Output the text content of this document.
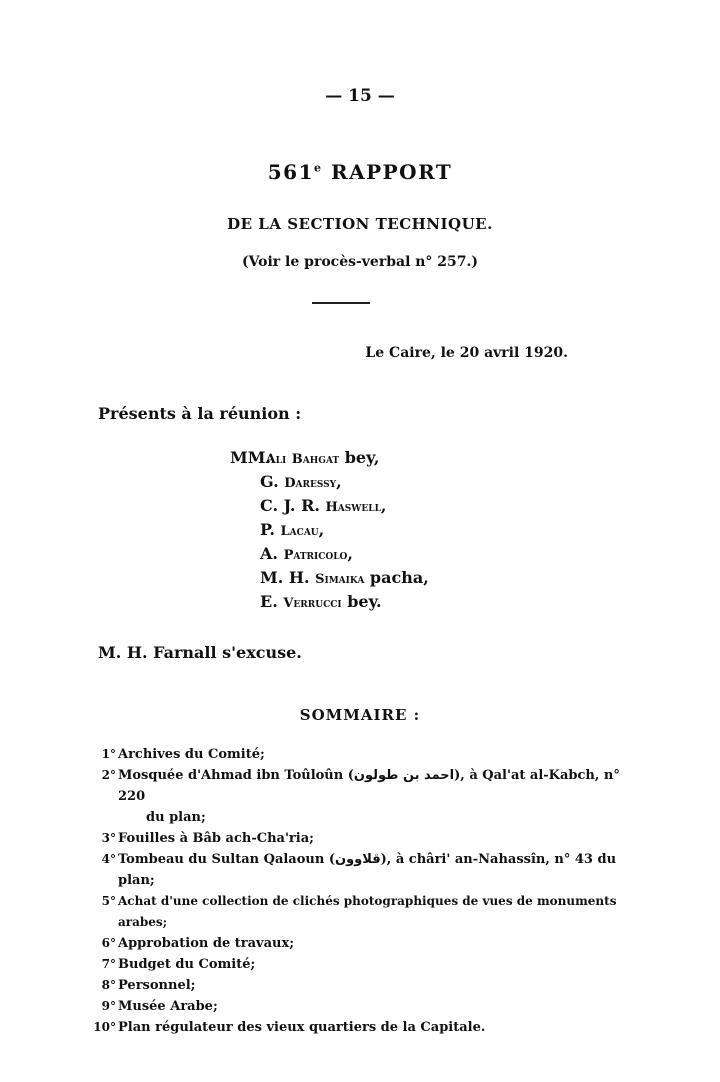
— 15 —
561e RAPPORT
DE LA SECTION TECHNIQUE.
(Voir le procès-verbal n° 257.)
Le Caire, le 20 avril 1920.
Présents à la réunion :
MM. Ali Bahgat bey,
G. Daressy,
C. J. R. Haswell,
P. Lacau,
A. Patricolo,
M. H. Simaika pacha,
E. Verrucci bey.
M. H. Farnall s'excuse.
SOMMAIRE :
1° Archives du Comité;
2° Mosquée d'Ahmad ibn Toûloûn (احمد بن طولون), à Qal'at al-Kabch, n° 220
du plan;
3° Fouilles à Bâb ach-Cha'ria;
4° Tombeau du Sultan Qalaoun (قلاوون), à châri' an-Nahassîn, n° 43 du plan;
5° Achat d'une collection de clichés photographiques de vues de monuments arabes;
6° Approbation de travaux;
7° Budget du Comité;
8° Personnel;
9° Musée Arabe;
10° Plan régulateur des vieux quartiers de la Capitale.
